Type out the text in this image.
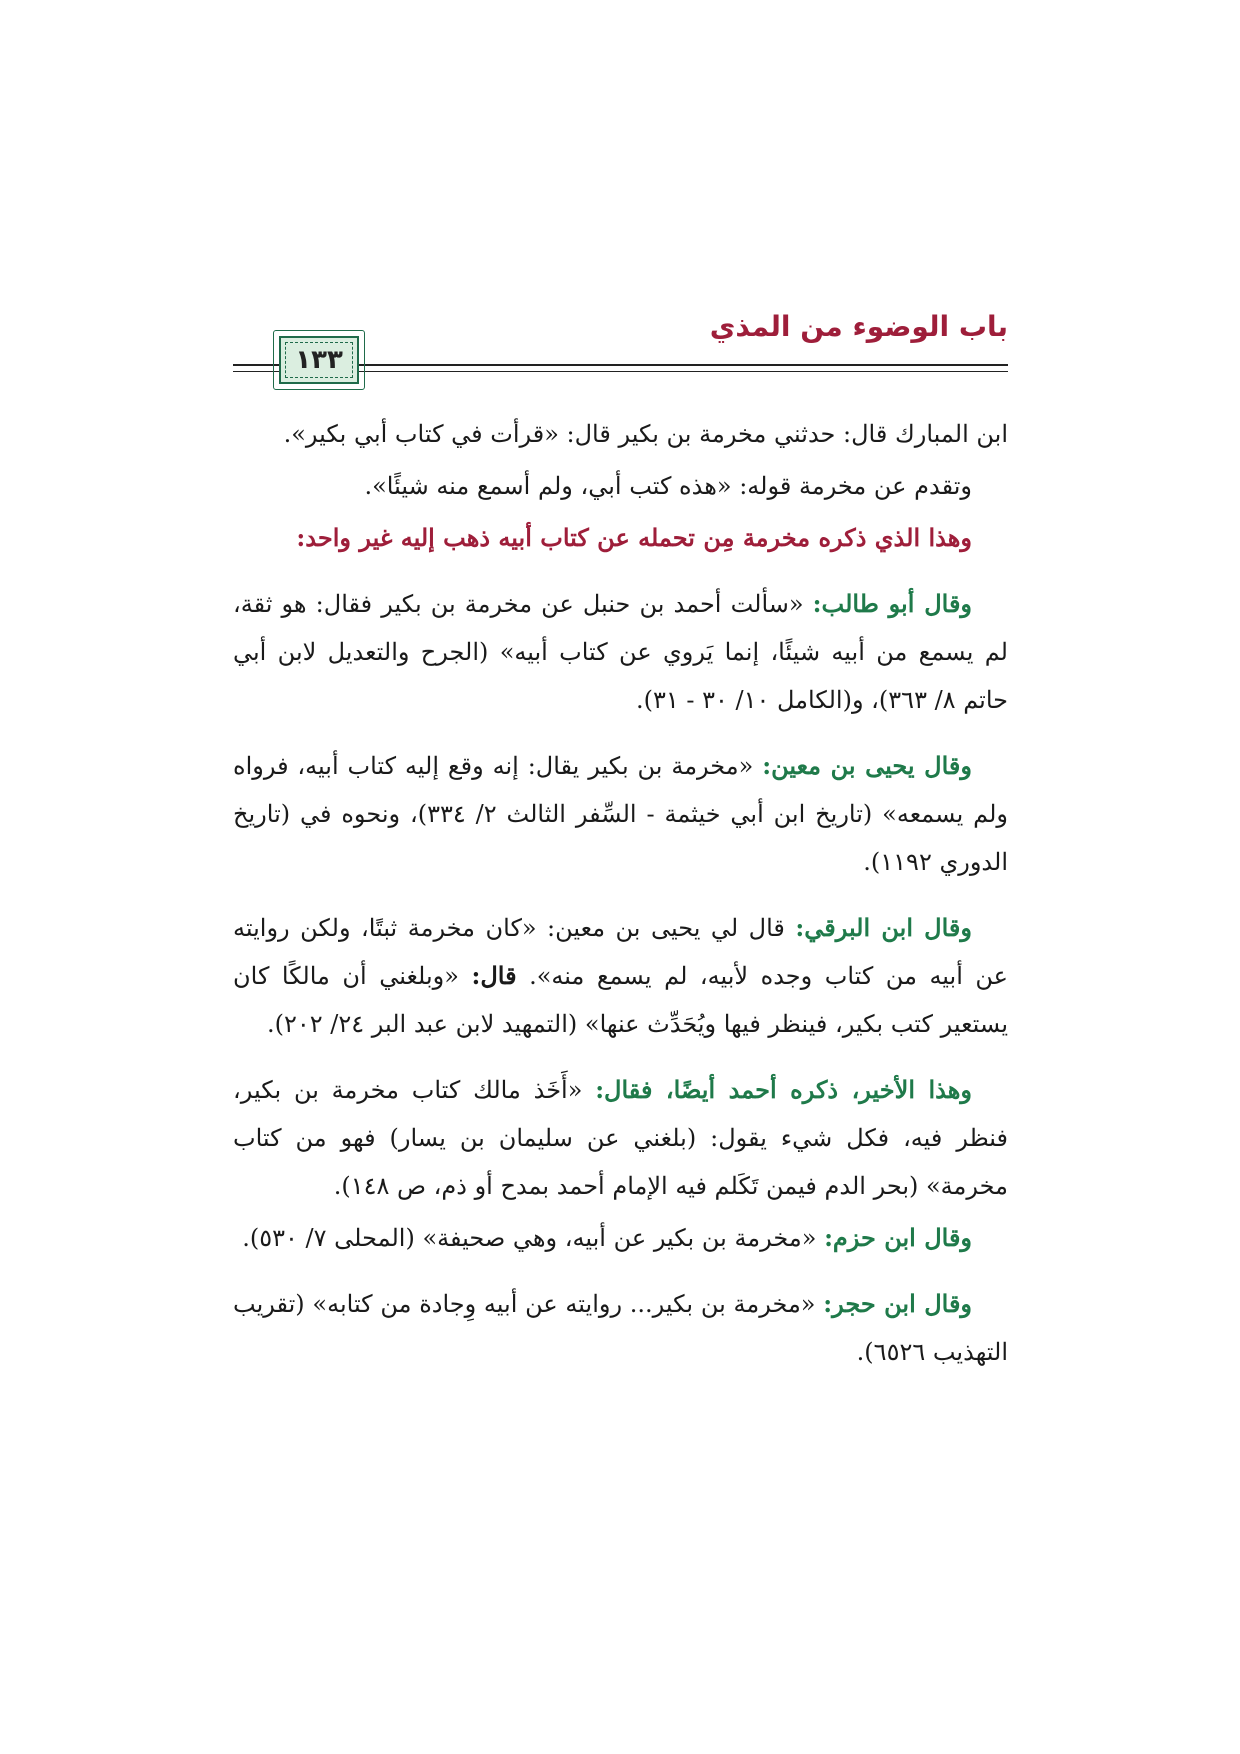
باب الوضوء من المذي
١٣٣

ابن المبارك قال: حدثني مخرمة بن بكير قال: «قرأت في كتاب أبي بكير».

وتقدم عن مخرمة قوله: «هذه كتب أبي، ولم أسمع منه شيئًا».

وهذا الذي ذكره مخرمة مِن تحمله عن كتاب أبيه ذهب إليه غير واحد:

وقال أبو طالب: «سألت أحمد بن حنبل عن مخرمة بن بكير فقال: هو ثقة، لم يسمع من أبيه شيئًا، إنما يَروي عن كتاب أبيه» (الجرح والتعديل لابن أبي حاتم ٨/ ٣٦٣)، و(الكامل ١٠/ ٣٠ - ٣١).

وقال يحيى بن معين: «مخرمة بن بكير يقال: إنه وقع إليه كتاب أبيه، فرواه ولم يسمعه» (تاريخ ابن أبي خيثمة - السِّفر الثالث ٢/ ٣٣٤)، ونحوه في (تاريخ الدوري ١١٩٢).

وقال ابن البرقي: قال لي يحيى بن معين: «كان مخرمة ثبتًا، ولكن روايته عن أبيه من كتاب وجده لأبيه، لم يسمع منه». قال: «وبلغني أن مالكًا كان يستعير كتب بكير، فينظر فيها ويُحَدِّث عنها» (التمهيد لابن عبد البر ٢٤/ ٢٠٢).

وهذا الأخير، ذكره أحمد أيضًا، فقال: «أَخَذ مالك كتاب مخرمة بن بكير، فنظر فيه، فكل شيء يقول: (بلغني عن سليمان بن يسار) فهو من كتاب مخرمة» (بحر الدم فيمن تَكَلم فيه الإمام أحمد بمدح أو ذم، ص ١٤٨).

وقال ابن حزم: «مخرمة بن بكير عن أبيه، وهي صحيفة» (المحلى ٧/ ٥٣٠).

وقال ابن حجر: «مخرمة بن بكير... روايته عن أبيه وِجادة من كتابه» (تقريب التهذيب ٦٥٢٦).
